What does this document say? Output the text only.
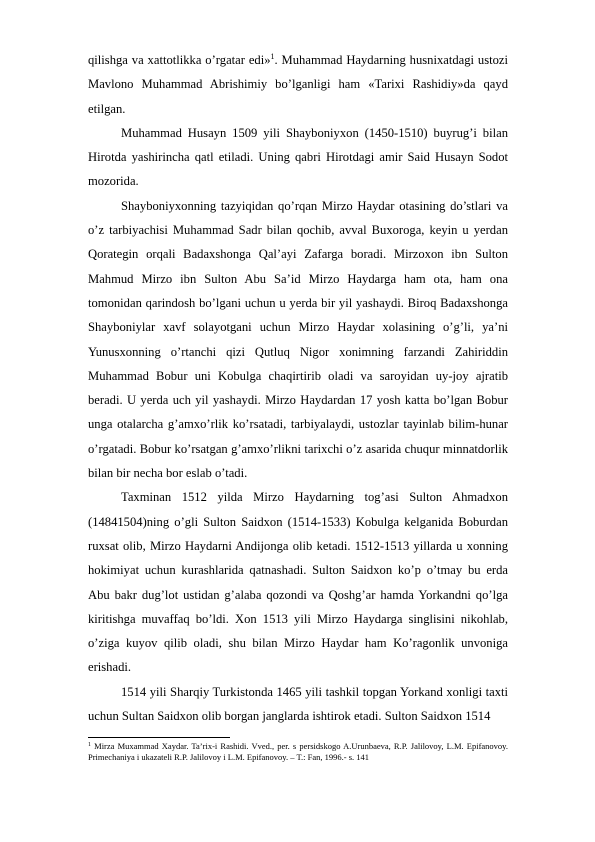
qilishga va xattotlikka o’rgatar edi»$^1$. Muhammad Haydarning husnixatdagi ustozi Mavlono Muhammad Abrishimiy bo’lganligi ham «Tarixi Rashidiy»da qayd etilgan.

Muhammad Husayn 1509 yili Shayboniyxon (1450-1510) buyrug’i bilan Hirotda yashirincha qatl etiladi. Uning qabri Hirotdagi amir Said Husayn Sodot mozorida.

Shayboniyxonning tazyiqidan qo’rqan Mirzo Haydar otasining do’stlari va o’z tarbiyachisi Muhammad Sadr bilan qochib, avval Buxoroga, keyin u yerdan Qorategin orqali Badaxshonga Qal’ayi Zafarga boradi. Mirzoxon ibn Sulton Mahmud Mirzo ibn Sulton Abu Sa’id Mirzo Haydarga ham ota, ham ona tomonidan qarindosh bo’lgani uchun u yerda bir yil yashaydi. Biroq Badaxshonga Shayboniylar xavf solayotgani uchun Mirzo Haydar xolasining o’g’li, ya’ni Yunusxonning o’rtanchi qizi Qutluq Nigor xonimning farzandi Zahiriddin Muhammad Bobur uni Kobulga chaqirtirib oladi va saroyidan uy-joy ajratib beradi. U yerda uch yil yashaydi. Mirzo Haydardan 17 yosh katta bo’lgan Bobur unga otalarcha g’amxo’rlik ko’rsatadi, tarbiyalaydi, ustozlar tayinlab bilim-hunar o’rgatadi. Bobur ko’rsatgan g’amxo’rlikni tarixchi o’z asarida chuqur minnatdorlik bilan bir necha bor eslab o’tadi.

Taxminan 1512 yilda Mirzo Haydarning tog’asi Sulton Ahmadxon (14841504)ning o’gli Sulton Saidxon (1514-1533) Kobulga kelganida Boburdan ruxsat olib, Mirzo Haydarni Andijonga olib ketadi. 1512-1513 yillarda u xonning hokimiyat uchun kurashlarida qatnashadi. Sulton Saidxon ko’p o’tmay bu erda Abu bakr dug’lot ustidan g’alaba qozondi va Qoshg’ar hamda Yorkandni qo’lga kiritishga muvaffaq bo’ldi. Xon 1513 yili Mirzo Haydarga singlisini nikohlab, o’ziga kuyov qilib oladi, shu bilan Mirzo Haydar ham Ko’ragonlik unvoniga erishadi.

1514 yili Sharqiy Turkistonda 1465 yili tashkil topgan Yorkand xonligi taxti uchun Sultan Saidxon olib borgan janglarda ishtirok etadi. Sulton Saidxon 1514

$^1$ Mirza Muxammad Xaydar. Ta’rix-i Rashidi. Vved., per. s persidskogo A.Urunbaeva, R.P. Jalilovoy, L.M. Epifanovoy. Primechaniya i ukazateli R.P. Jalilovoy i L.M. Epifanovoy. – T.: Fan, 1996.- s. 141
